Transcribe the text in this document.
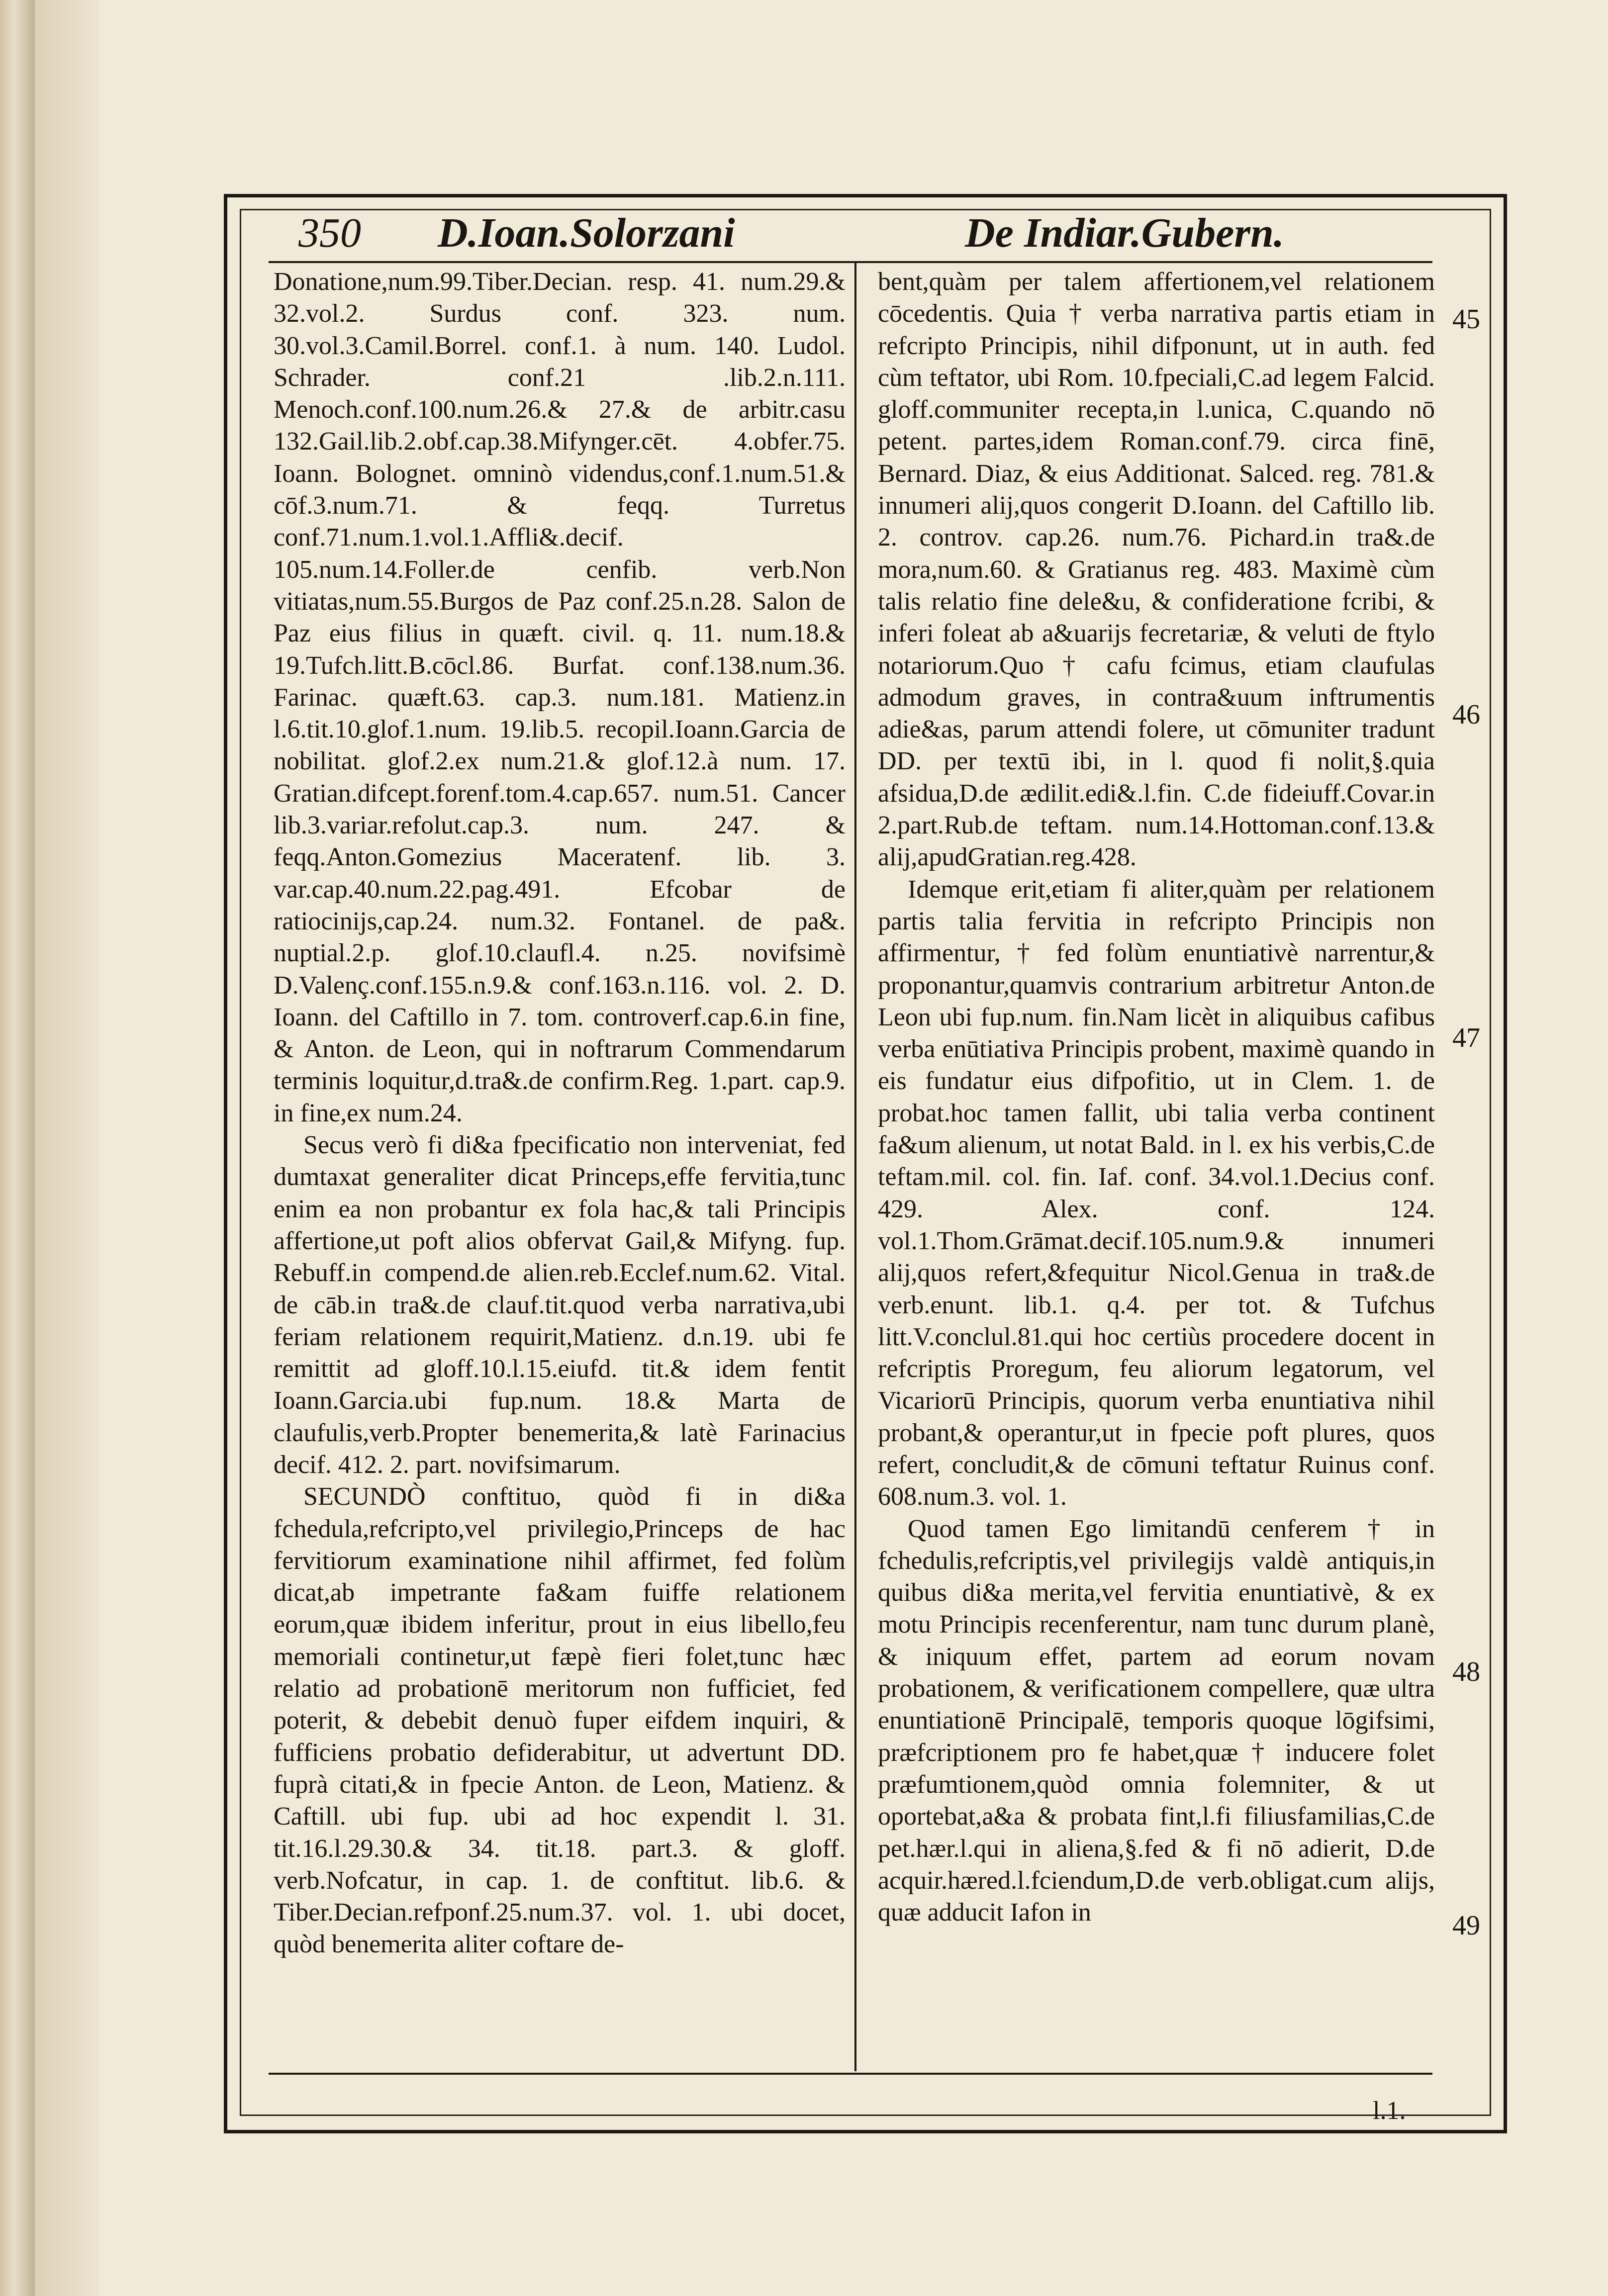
350 D.Ioan.Solorzani	De Indiar.Gubern.

Donatione,num.99.Tiber.Decian. resp. 41. num.29.& 32.vol.2. Surdus conf. 323. num. 30.vol.3.Camil.Borrel. conf.1. à num. 140. Ludol. Schrader. conf.21 .lib.2.n.111. Menoch.conf.100.num.26.& 27.& de arbitr.casu 132.Gail.lib.2.obf.cap.38.Mifynger.cēt. 4.obfer.75. Ioann. Bolognet. omninò videndus,conf.1.num.51.& cōf.3.num.71. & feqq. Turretus conf.71.num.1.vol.1.Affli&.decif. 105.num.14.Foller.de cenfib. verb.Non vitiatas,num.55.Burgos de Paz conf.25.n.28. Salon de Paz eius filius in quæft. civil. q. 11. num.18.& 19.Tufch.litt.B.cōcl.86. Burfat. conf.138.num.36. Farinac. quæft.63. cap.3. num.181. Matienz.in l.6.tit.10.glof.1.num. 19.lib.5. recopil.Ioann.Garcia de nobilitat. glof.2.ex num.21.& glof.12.à num. 17. Gratian.difcept.forenf.tom.4.cap.657. num.51. Cancer lib.3.variar.refolut.cap.3. num. 247. & feqq.Anton.Gomezius Maceratenf. lib. 3. var.cap.40.num.22.pag.491. Efcobar de ratiocinijs,cap.24. num.32. Fontanel. de pa&. nuptial.2.p. glof.10.claufl.4. n.25. novifsimè D.Valenç.conf.155.n.9.& conf.163.n.116. vol. 2. D. Ioann. del Caftillo in 7. tom. controverf.cap.6.in fine, & Anton. de Leon, qui in noftrarum Commendarum terminis loquitur,d.tra&.de confirm.Reg. 1.part. cap.9. in fine,ex num.24.

Secus verò fi di&a fpecificatio non interveniat, fed dumtaxat generaliter dicat Princeps,effe fervitia,tunc enim ea non probantur ex fola hac,& tali Principis affertione,ut poft alios obfervat Gail,& Mifyng. fup. Rebuff.in compend.de alien.reb.Ecclef.num.62. Vital. de cāb.in tra&.de clauf.tit.quod verba narrativa,ubi feriam relationem requirit,Matienz. d.n.19. ubi fe remittit ad gloff.10.l.15.eiufd. tit.& idem fentit Ioann.Garcia.ubi fup.num. 18.& Marta de claufulis,verb.Propter benemerita,& latè Farinacius decif. 412. 2. part. novifsimarum.

SECUNDÒ conftituo, quòd fi in di&a fchedula,refcripto,vel privilegio,Princeps de hac fervitiorum examinatione nihil affirmet, fed folùm dicat,ab impetrante fa&am fuiffe relationem eorum,quæ ibidem inferitur, prout in eius libello,feu memoriali continetur,ut fæpè fieri folet,tunc hæc relatio ad probationē meritorum non fufficiet, fed poterit, & debebit denuò fuper eifdem inquiri, & fufficiens probatio defiderabitur, ut advertunt DD. fuprà citati,& in fpecie Anton. de Leon, Matienz. & Caftill. ubi fup. ubi ad hoc expendit l. 31. tit.16.l.29.30.& 34. tit.18. part.3. & gloff. verb.Nofcatur, in cap. 1. de conftitut. lib.6. & Tiber.Decian.refponf.25.num.37. vol. 1. ubi docet, quòd benemerita aliter coftare de-

bent,quàm per talem affertionem,vel relationem cōcedentis. Quia † verba narrativa partis etiam in refcripto Principis, nihil difponunt, ut in auth. fed cùm teftator, ubi Rom. 10.fpeciali,C.ad legem Falcid. gloff.communiter recepta,in l.unica, C.quando nō petent. partes,idem Roman.conf.79. circa finē, Bernard. Diaz, & eius Additionat. Salced. reg. 781.& innumeri alij,quos congerit D.Ioann. del Caftillo lib. 2. controv. cap.26. num.76. Pichard.in tra&.de mora,num.60. & Gratianus reg. 483. Maximè cùm talis relatio fine dele&u, & confideratione fcribi, & inferi foleat ab a&uarijs fecretariæ, & veluti de ftylo notariorum.Quo † cafu fcimus, etiam claufulas admodum graves, in contra&uum inftrumentis adie&as, parum attendi folere, ut cōmuniter tradunt DD. per textū ibi, in l. quod fi nolit,§.quia afsidua,D.de ædilit.edi&.l.fin. C.de fideiuff.Covar.in 2.part.Rub.de teftam. num.14.Hottoman.conf.13.& alij,apudGratian.reg.428.

Idemque erit,etiam fi aliter,quàm per relationem partis talia fervitia in refcripto Principis non affirmentur, † fed folùm enuntiativè narrentur,& proponantur,quamvis contrarium arbitretur Anton.de Leon ubi fup.num. fin.Nam licèt in aliquibus cafibus verba enūtiativa Principis probent, maximè quando in eis fundatur eius difpofitio, ut in Clem. 1. de probat.hoc tamen fallit, ubi talia verba continent fa&um alienum, ut notat Bald. in l. ex his verbis,C.de teftam.mil. col. fin. Iaf. conf. 34.vol.1.Decius conf. 429. Alex. conf. 124. vol.1.Thom.Grāmat.decif.105.num.9.& innumeri alij,quos refert,&fequitur Nicol.Genua in tra&.de verb.enunt. lib.1. q.4. per tot. & Tufchus litt.V.conclul.81.qui hoc certiùs procedere docent in refcriptis Proregum, feu aliorum legatorum, vel Vicariorū Principis, quorum verba enuntiativa nihil probant,& operantur,ut in fpecie poft plures, quos refert, concludit,& de cōmuni teftatur Ruinus conf. 608.num.3. vol. 1.

Quod tamen Ego limitandū cenferem † in fchedulis,refcriptis,vel privilegijs valdè antiquis,in quibus di&a merita,vel fervitia enuntiativè, & ex motu Principis recenferentur, nam tunc durum planè, & iniquum effet, partem ad eorum novam probationem, & verificationem compellere, quæ ultra enuntiationē Principalē, temporis quoque lōgifsimi, præfcriptionem pro fe habet,quæ † inducere folet præfumtionem,quòd omnia folemniter, & ut oportebat,a&a & probata fint,l.fi filiusfamilias,C.de pet.hær.l.qui in aliena,§.fed & fi nō adierit, D.de acquir.hæred.l.fciendum,D.de verb.obligat.cum alijs, quæ adducit Iafon in

45
46
47
48
49
l.1.
